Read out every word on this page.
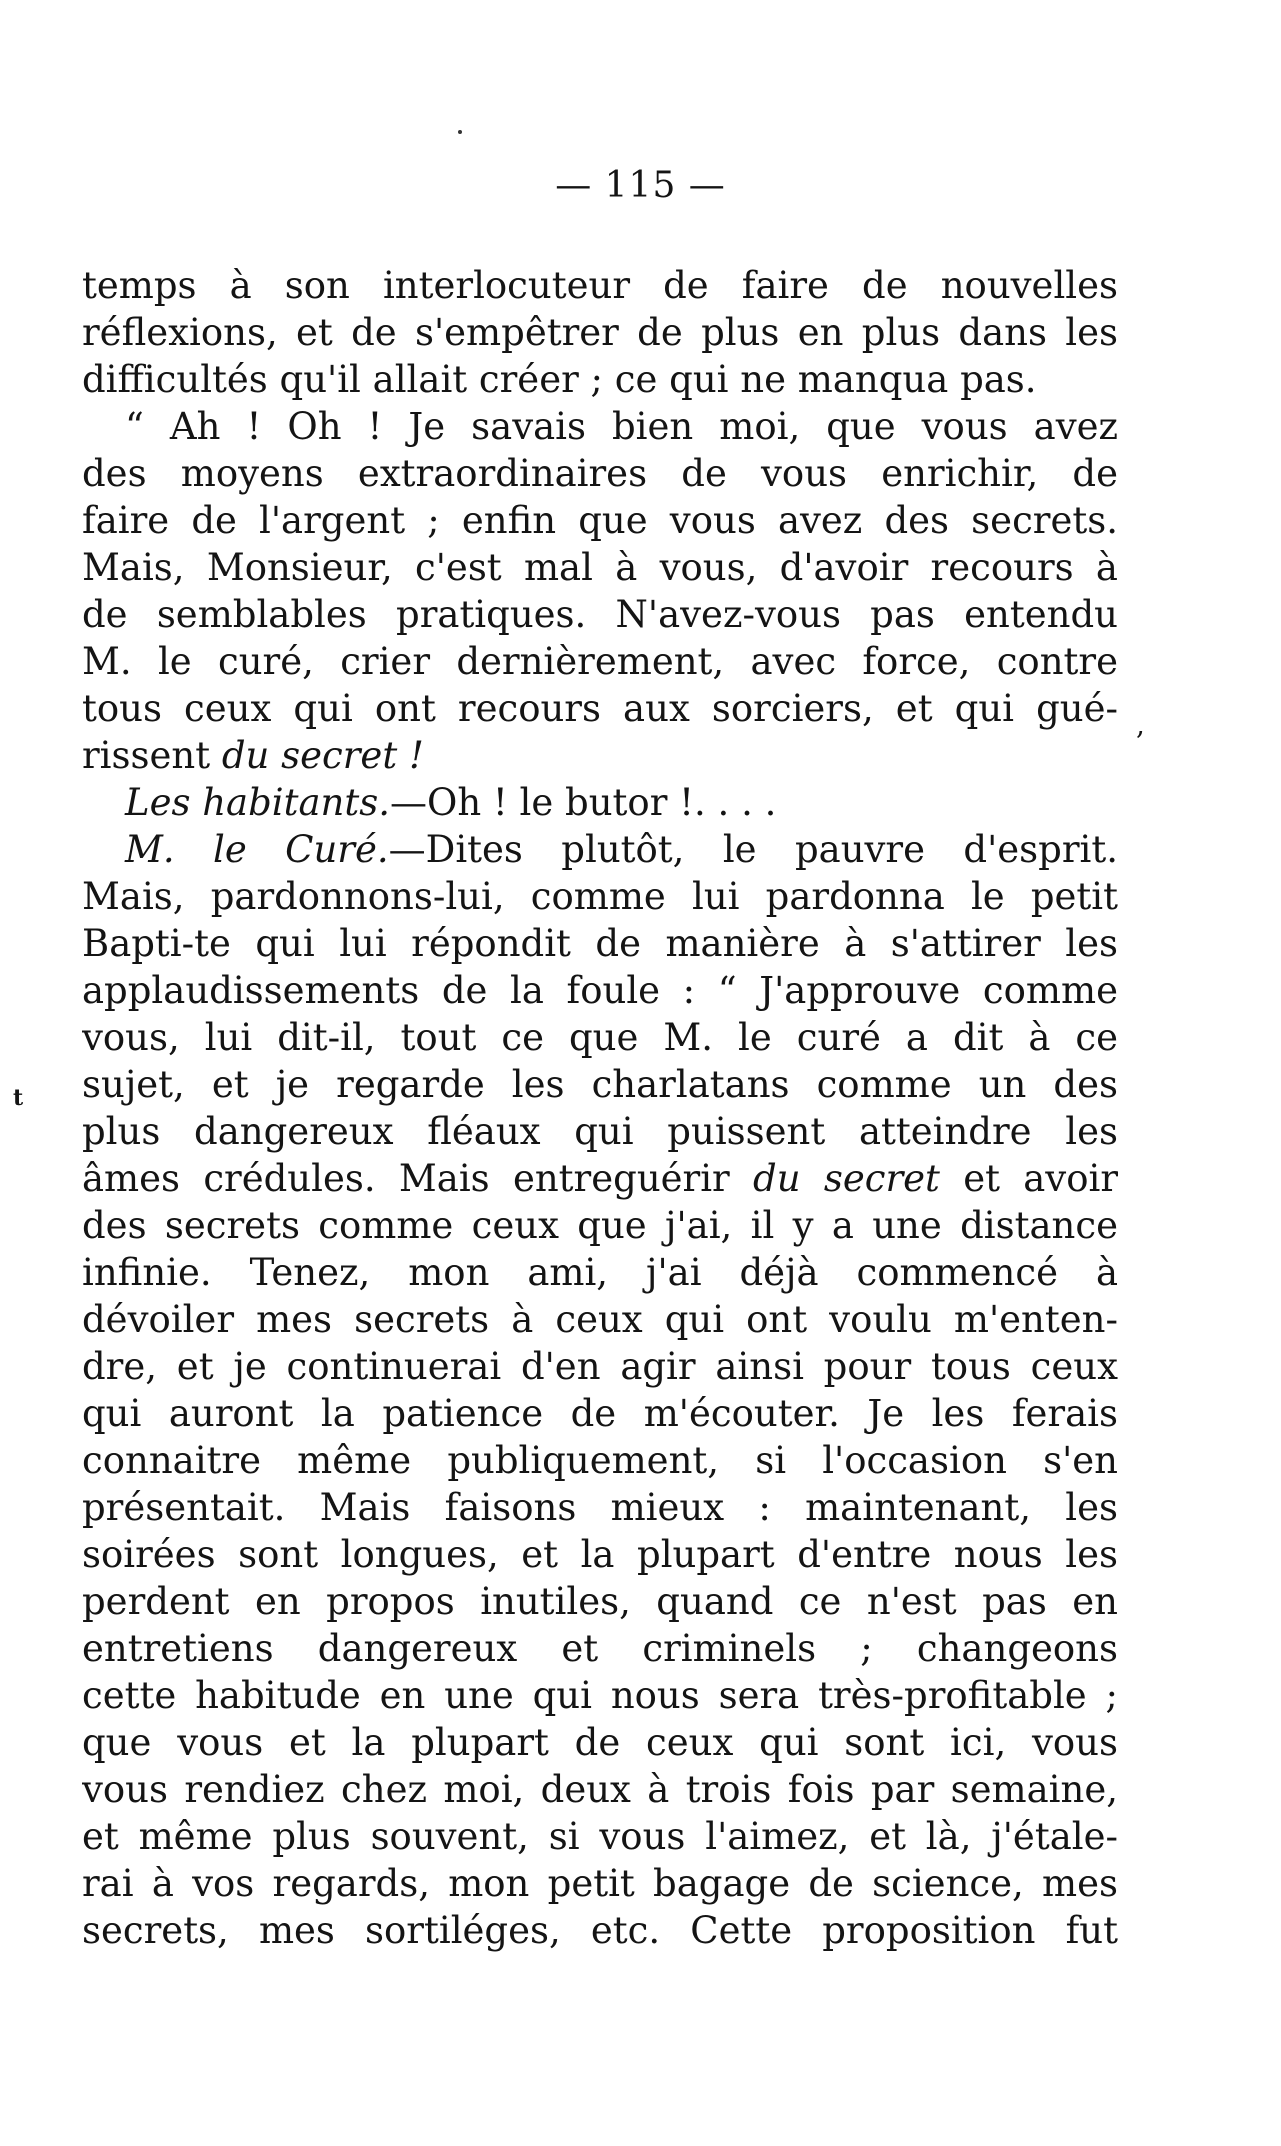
— 115 —
t
,
temps à son interlocuteur de faire de nouvelles
réflexions, et de s'empêtrer de plus en plus dans les
difficultés qu'il allait créer ; ce qui ne manqua pas.
“ Ah ! Oh ! Je savais bien moi, que vous avez
des moyens extraordinaires de vous enrichir, de
faire de l'argent ; enfin que vous avez des secrets.
Mais, Monsieur, c'est mal à vous, d'avoir recours à
de semblables pratiques. N'avez-vous pas entendu
M. le curé, crier dernièrement, avec force, contre
tous ceux qui ont recours aux sorciers, et qui gué-
rissent du secret !
Les habitants.—Oh ! le butor !. . . .
M. le Curé.—Dites plutôt, le pauvre d'esprit.
Mais, pardonnons-lui, comme lui pardonna le petit
Bapti-te qui lui répondit de manière à s'attirer les
applaudissements de la foule : “ J'approuve comme
vous, lui dit-il, tout ce que M. le curé a dit à ce
sujet, et je regarde les charlatans comme un des
plus dangereux fléaux qui puissent atteindre les
âmes crédules. Mais entreguérir du secret et avoir
des secrets comme ceux que j'ai, il y a une distance
infinie. Tenez, mon ami, j'ai déjà commencé à
dévoiler mes secrets à ceux qui ont voulu m'enten-
dre, et je continuerai d'en agir ainsi pour tous ceux
qui auront la patience de m'écouter. Je les ferais
connaitre même publiquement, si l'occasion s'en
présentait. Mais faisons mieux : maintenant, les
soirées sont longues, et la plupart d'entre nous les
perdent en propos inutiles, quand ce n'est pas en
entretiens dangereux et criminels ; changeons
cette habitude en une qui nous sera très-profitable ;
que vous et la plupart de ceux qui sont ici, vous
vous rendiez chez moi, deux à trois fois par semaine,
et même plus souvent, si vous l'aimez, et là, j'étale-
rai à vos regards, mon petit bagage de science, mes
secrets, mes sortiléges, etc. Cette proposition fut
